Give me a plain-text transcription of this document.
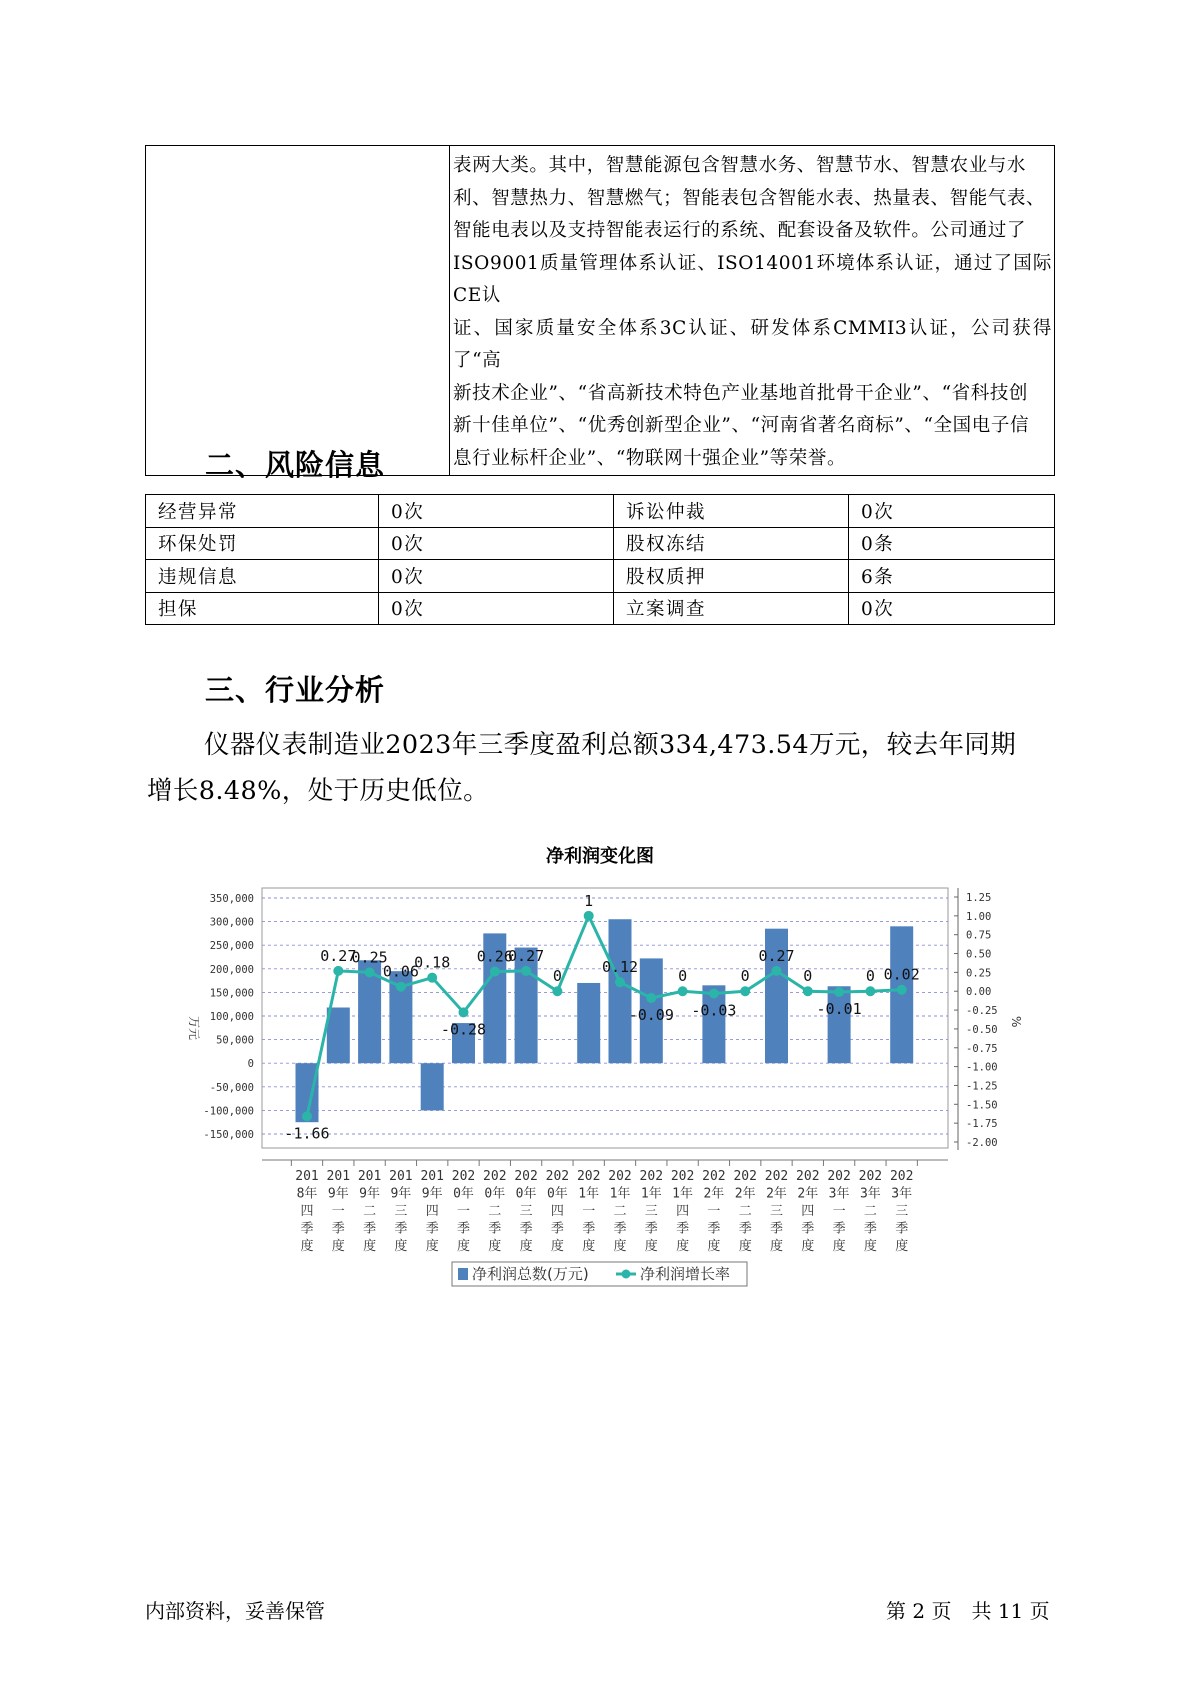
表两大类。其中，智慧能源包含智慧水务、智慧节水、智慧农业与水
利、智慧热力、智慧燃气；智能表包含智能水表、热量表、智能气表、
智能电表以及支持智能表运行的系统、配套设备及软件。公司通过了
ISO9001质量管理体系认证、ISO14001环境体系认证，通过了国际CE认
证、国家质量安全体系3C认证、研发体系CMMI3认证，公司获得了“高
新技术企业”、“省高新技术特色产业基地首批骨干企业”、“省科技创
新十佳单位”、“优秀创新型企业”、“河南省著名商标”、“全国电子信
息行业标杆企业”、“物联网十强企业”等荣誉。
二、风险信息
经营异常	0次	诉讼仲裁	0次
环保处罚	0次	股权冻结	0条
违规信息	0次	股权质押	6条
担保	0次	立案调查	0次
三、行业分析
仪器仪表制造业2023年三季度盈利总额334,473.54万元，较去年同期
增长8.48%，处于历史低位。
净利润变化图
350,000
300,000
250,000
200,000
150,000
100,000
50,000
0
-50,000
-100,000
-150,000
万元
1.25
1.00
0.75
0.50
0.25
0.00
-0.25
-0.50
-0.75
-1.00
-1.25
-1.50
-1.75
-2.00
%
-1.66
0.27
0.25
0.06
0.18
-0.28
0.26
0.27
0
1
0.12
-0.09
0
-0.03
0
0.27
0
-0.01
0 0.02
201
8年
四
季
度
201
9年
一
季
度
201
9年
二
季
度
201
9年
三
季
度
201
9年
四
季
度
202
0年
一
季
度
202
0年
二
季
度
202
0年
三
季
度
202
0年
四
季
度
202
1年
一
季
度
202
1年
二
季
度
202
1年
三
季
度
202
1年
四
季
度
202
2年
一
季
度
202
2年
二
季
度
202
2年
三
季
度
202
2年
四
季
度
202
3年
一
季
度
202
3年
二
季
度
202
3年
三
季
度
净利润总数(万元)	净利润增长率
内部资料，妥善保管	第 2 页　共 11 页
